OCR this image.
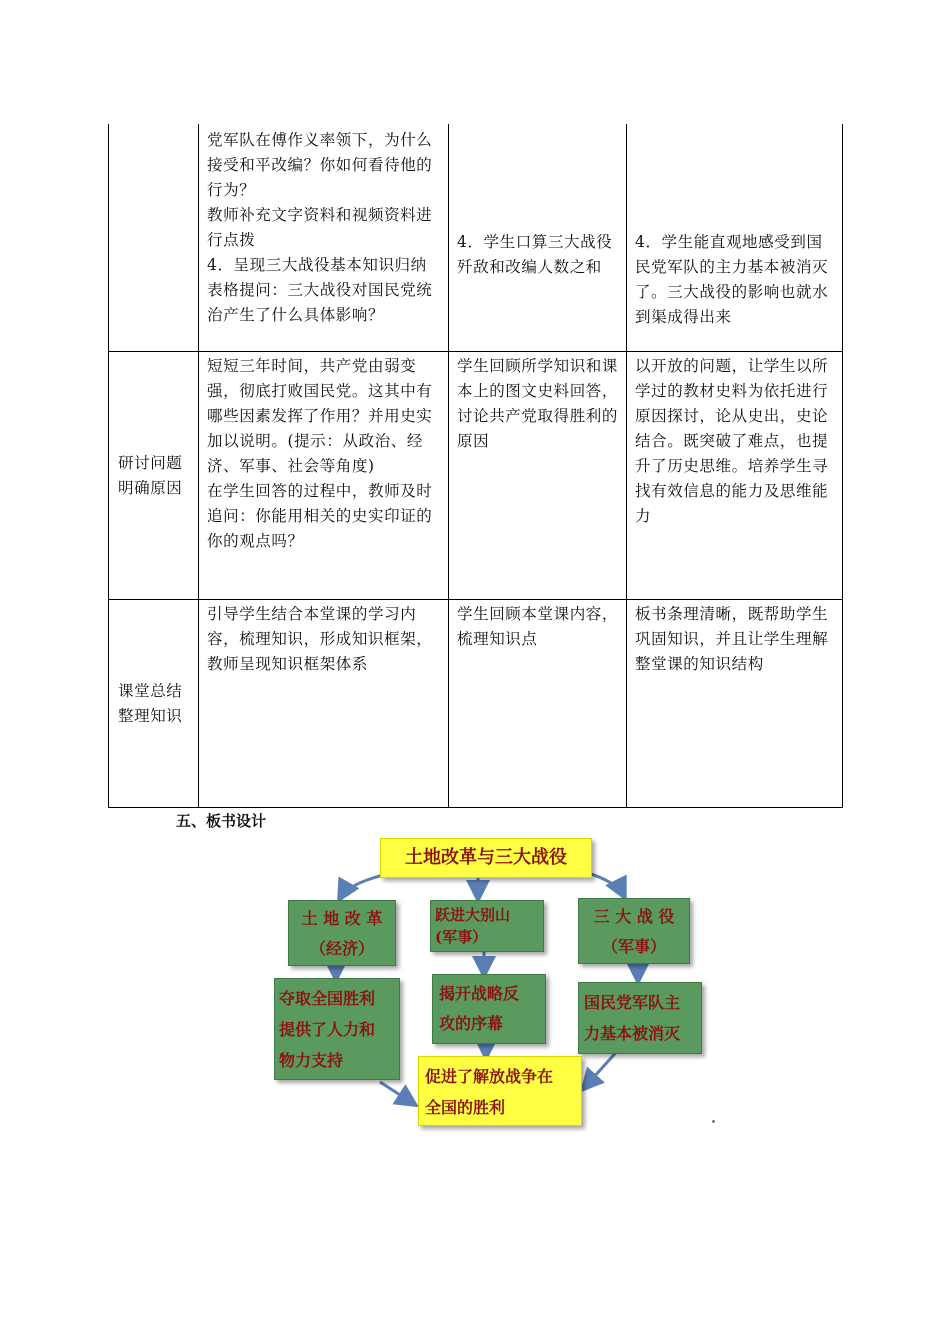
	党军队在傅作义率领下，为什么接受和平改编？你如何看待他的行为？
教师补充文字资料和视频资料进行点拨
4．呈现三大战役基本知识归纳表格提问：三大战役对国民党统治产生了什么具体影响？	4．学生口算三大战役歼敌和改编人数之和	4．学生能直观地感受到国民党军队的主力基本被消灭了。三大战役的影响也就水到渠成得出来

研讨问题明确原因	短短三年时间，共产党由弱变强，彻底打败国民党。这其中有哪些因素发挥了作用？并用史实加以说明。(提示：从政治、经济、军事、社会等角度)
在学生回答的过程中，教师及时追问：你能用相关的史实印证的你的观点吗？	学生回顾所学知识和课本上的图文史料回答，讨论共产党取得胜利的原因	以开放的问题，让学生以所学过的教材史料为依托进行原因探讨，论从史出，史论结合。既突破了难点，也提升了历史思维。培养学生寻找有效信息的能力及思维能力
课堂总结整理知识	引导学生结合本堂课的学习内容，梳理知识，形成知识框架，教师呈现知识框架体系	学生回顾本堂课内容，梳理知识点	板书条理清晰，既帮助学生巩固知识，并且让学生理解整堂课的知识结构
五、板书设计
土地改革与三大战役
土 地 改 革
（经济）
跃进大别山
(军事）
三 大 战 役
（军事）
夺取全国胜利
提供了人力和
物力支持
揭开战略反
攻的序幕
国民党军队主
力基本被消灭
促进了解放战争在
全国的胜利
